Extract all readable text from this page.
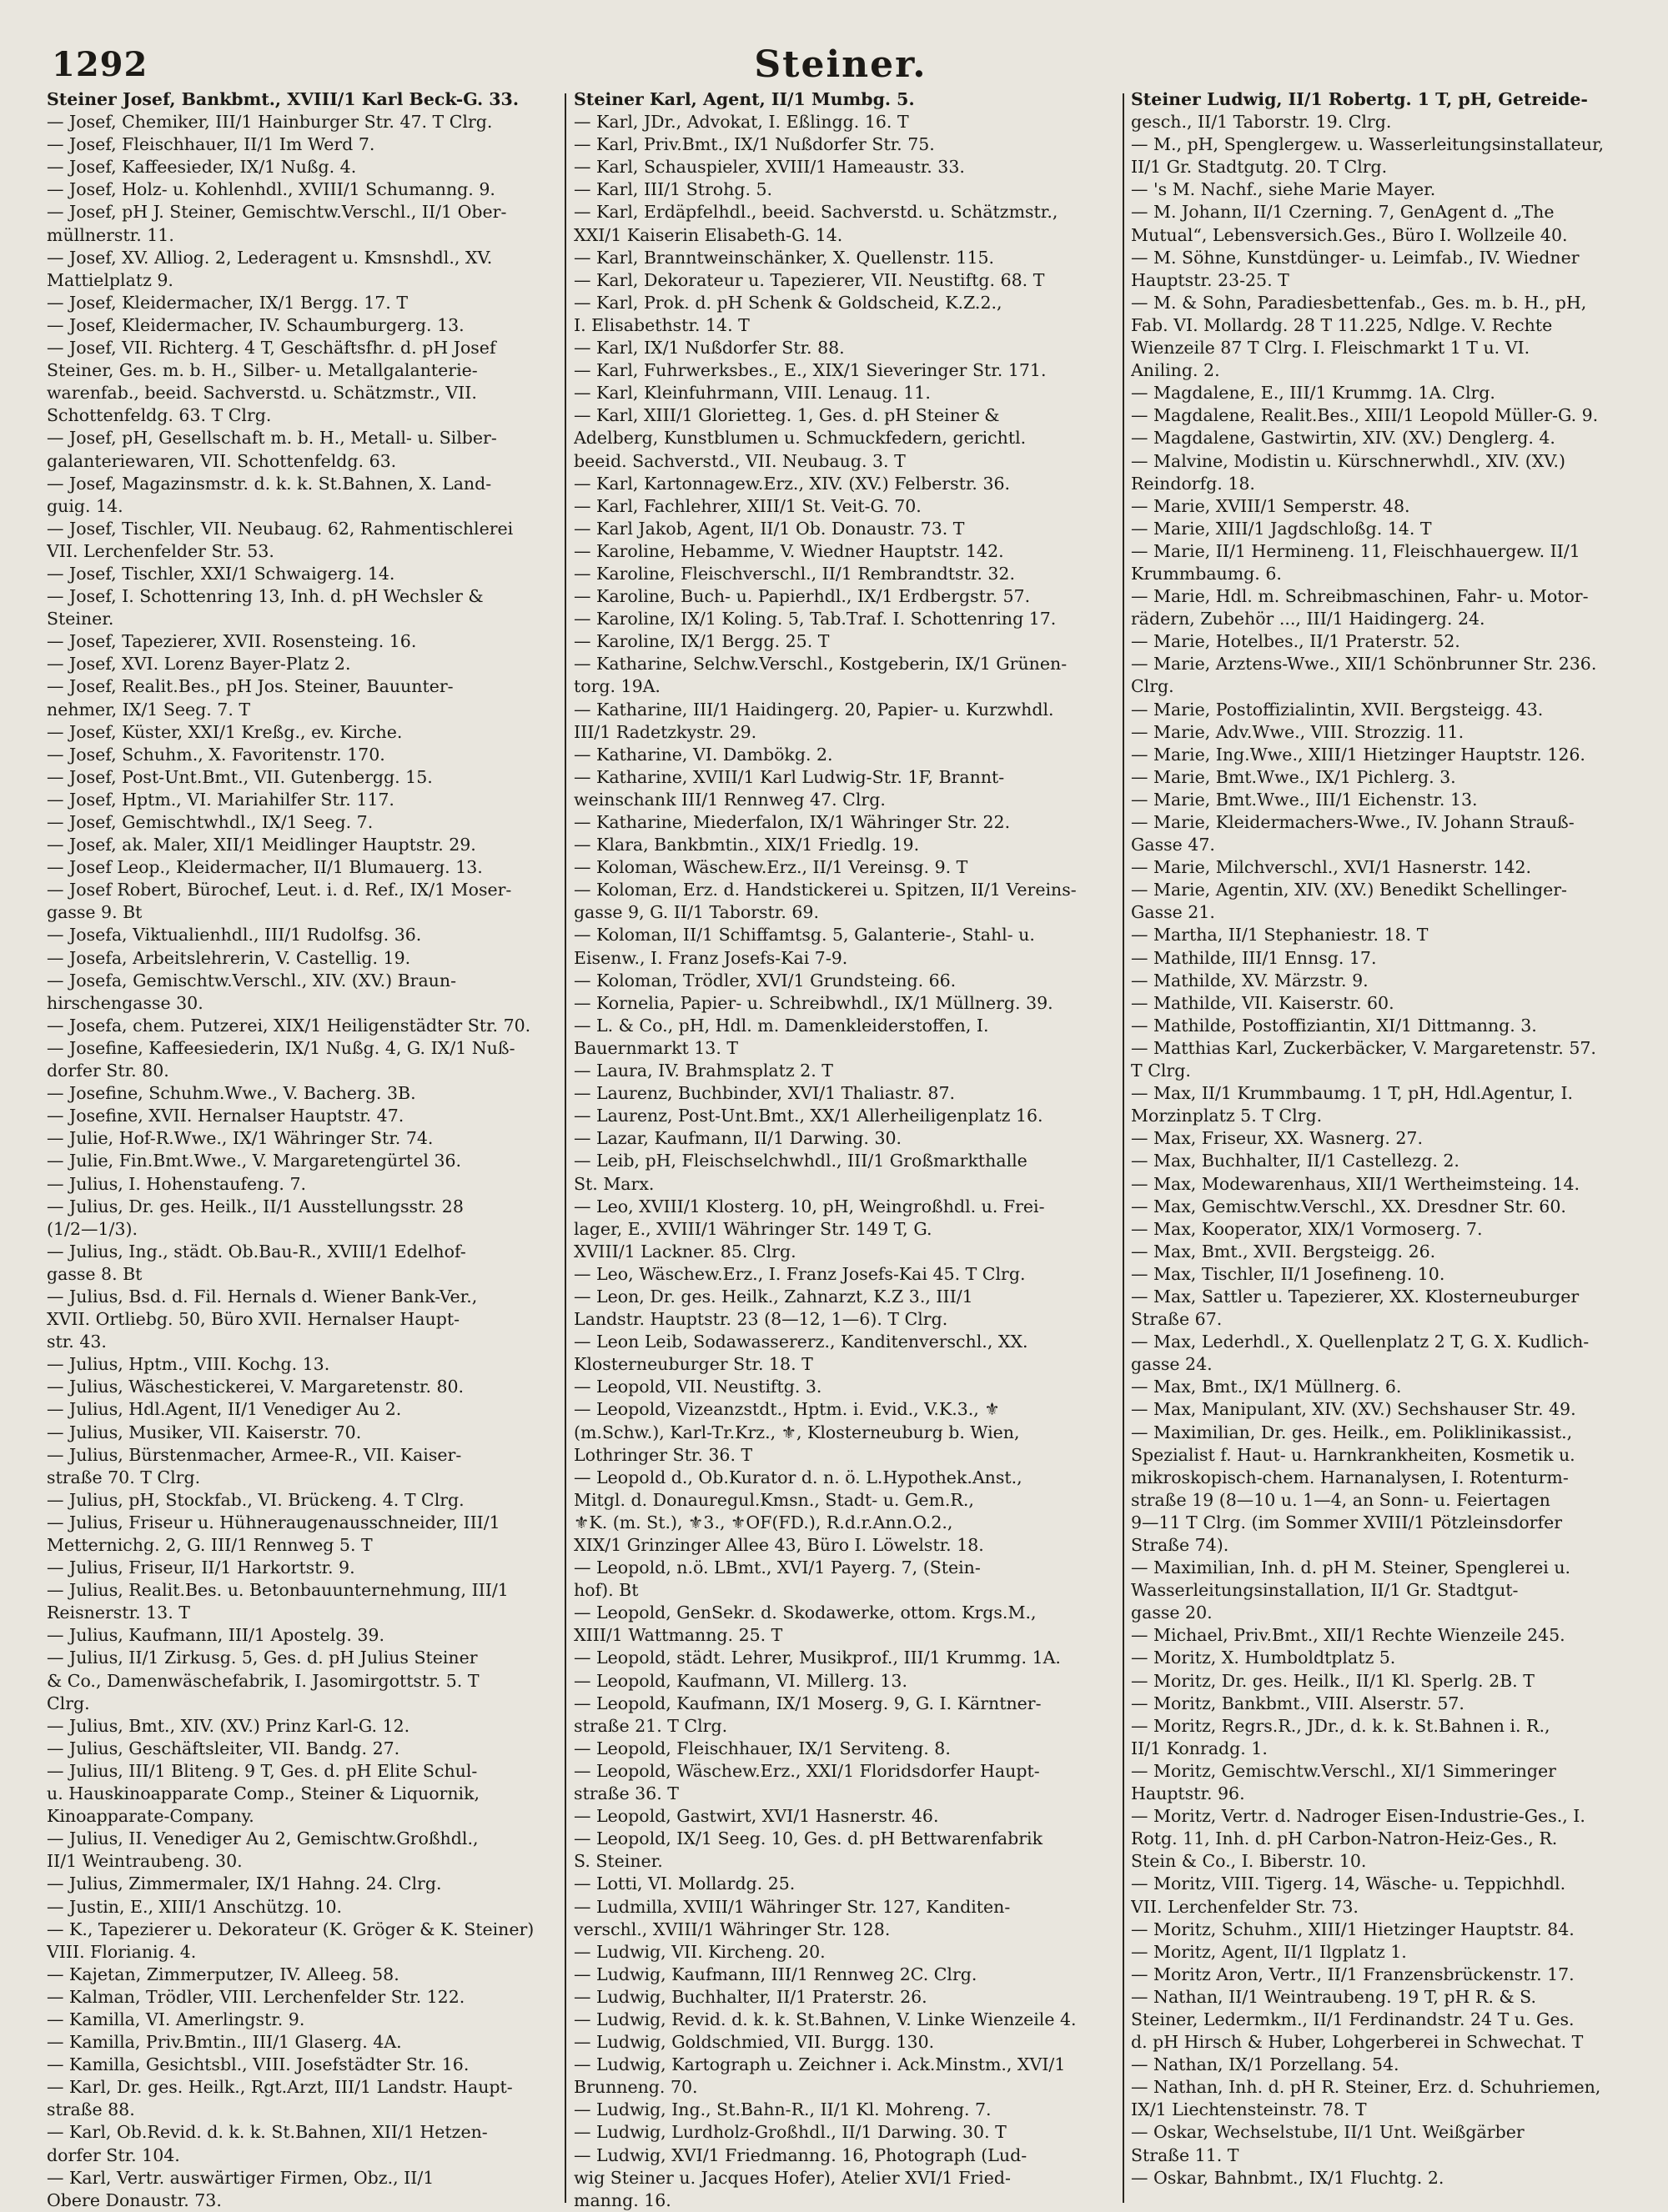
1292	Steiner.
Steiner Josef, Bankbmt., XVIII/1 Karl Beck-G. 33.
— Josef, Chemiker, III/1 Hainburger Str. 47. T Clrg.
— Josef, Fleischhauer, II/1 Im Werd 7.
— Josef, Kaffeesieder, IX/1 Nußg. 4.
— Josef, Holz- u. Kohlenhdl., XVIII/1 Schumanng. 9.
— Josef, pH J. Steiner, Gemischtw.Verschl., II/1 Ober-
müllnerstr. 11.
— Josef, XV. Alliog. 2, Lederagent u. Kmsnshdl., XV.
Mattielplatz 9.
— Josef, Kleidermacher, IX/1 Bergg. 17. T
— Josef, Kleidermacher, IV. Schaumburgerg. 13.
— Josef, VII. Richterg. 4 T, Geschäftsfhr. d. pH Josef
Steiner, Ges. m. b. H., Silber- u. Metallgalanterie-
warenfab., beeid. Sachverstd. u. Schätzmstr., VII.
Schottenfeldg. 63. T Clrg.
— Josef, pH, Gesellschaft m. b. H., Metall- u. Silber-
galanteriewaren, VII. Schottenfeldg. 63.
— Josef, Magazinsmstr. d. k. k. St.Bahnen, X. Land-
guig. 14.
— Josef, Tischler, VII. Neubaug. 62, Rahmentischlerei
VII. Lerchenfelder Str. 53.
— Josef, Tischler, XXI/1 Schwaigerg. 14.
— Josef, I. Schottenring 13, Inh. d. pH Wechsler &
Steiner.
— Josef, Tapezierer, XVII. Rosensteing. 16.
— Josef, XVI. Lorenz Bayer-Platz 2.
— Josef, Realit.Bes., pH Jos. Steiner, Bauunter-
nehmer, IX/1 Seeg. 7. T
— Josef, Küster, XXI/1 Kreßg., ev. Kirche.
— Josef, Schuhm., X. Favoritenstr. 170.
— Josef, Post-Unt.Bmt., VII. Gutenbergg. 15.
— Josef, Hptm., VI. Mariahilfer Str. 117.
— Josef, Gemischtwhdl., IX/1 Seeg. 7.
— Josef, ak. Maler, XII/1 Meidlinger Hauptstr. 29.
— Josef Leop., Kleidermacher, II/1 Blumauerg. 13.
— Josef Robert, Bürochef, Leut. i. d. Ref., IX/1 Moser-
gasse 9. Bt
— Josefa, Viktualienhdl., III/1 Rudolfsg. 36.
— Josefa, Arbeitslehrerin, V. Castellig. 19.
— Josefa, Gemischtw.Verschl., XIV. (XV.) Braun-
hirschengasse 30.
— Josefa, chem. Putzerei, XIX/1 Heiligenstädter Str. 70.
— Josefine, Kaffeesiederin, IX/1 Nußg. 4, G. IX/1 Nuß-
dorfer Str. 80.
— Josefine, Schuhm.Wwe., V. Bacherg. 3B.
— Josefine, XVII. Hernalser Hauptstr. 47.
— Julie, Hof-R.Wwe., IX/1 Währinger Str. 74.
— Julie, Fin.Bmt.Wwe., V. Margaretengürtel 36.
— Julius, I. Hohenstaufeng. 7.
— Julius, Dr. ges. Heilk., II/1 Ausstellungsstr. 28
(1/2—1/3).
— Julius, Ing., städt. Ob.Bau-R., XVIII/1 Edelhof-
gasse 8. Bt
— Julius, Bsd. d. Fil. Hernals d. Wiener Bank-Ver.,
XVII. Ortliebg. 50, Büro XVII. Hernalser Haupt-
str. 43.
— Julius, Hptm., VIII. Kochg. 13.
— Julius, Wäschestickerei, V. Margaretenstr. 80.
— Julius, Hdl.Agent, II/1 Venediger Au 2.
— Julius, Musiker, VII. Kaiserstr. 70.
— Julius, Bürstenmacher, Armee-R., VII. Kaiser-
straße 70. T Clrg.
— Julius, pH, Stockfab., VI. Brückeng. 4. T Clrg.
— Julius, Friseur u. Hühneraugenausschneider, III/1
Metternichg. 2, G. III/1 Rennweg 5. T
— Julius, Friseur, II/1 Harkortstr. 9.
— Julius, Realit.Bes. u. Betonbauunternehmung, III/1
Reisnerstr. 13. T
— Julius, Kaufmann, III/1 Apostelg. 39.
— Julius, II/1 Zirkusg. 5, Ges. d. pH Julius Steiner
& Co., Damenwäschefabrik, I. Jasomirgottstr. 5. T
Clrg.
— Julius, Bmt., XIV. (XV.) Prinz Karl-G. 12.
— Julius, Geschäftsleiter, VII. Bandg. 27.
— Julius, III/1 Bliteng. 9 T, Ges. d. pH Elite Schul-
u. Hauskinoapparate Comp., Steiner & Liquornik,
Kinoapparate-Company.
— Julius, II. Venediger Au 2, Gemischtw.Großhdl.,
II/1 Weintraubeng. 30.
— Julius, Zimmermaler, IX/1 Hahng. 24. Clrg.
— Justin, E., XIII/1 Anschützg. 10.
— K., Tapezierer u. Dekorateur (K. Gröger & K. Steiner)
VIII. Florianig. 4.
— Kajetan, Zimmerputzer, IV. Alleeg. 58.
— Kalman, Trödler, VIII. Lerchenfelder Str. 122.
— Kamilla, VI. Amerlingstr. 9.
— Kamilla, Priv.Bmtin., III/1 Glaserg. 4A.
— Kamilla, Gesichtsbl., VIII. Josefstädter Str. 16.
— Karl, Dr. ges. Heilk., Rgt.Arzt, III/1 Landstr. Haupt-
straße 88.
— Karl, Ob.Revid. d. k. k. St.Bahnen, XII/1 Hetzen-
dorfer Str. 104.
— Karl, Vertr. auswärtiger Firmen, Obz., II/1
Obere Donaustr. 73.
Steiner Karl, Agent, II/1 Mumbg. 5.
— Karl, JDr., Advokat, I. Eßlingg. 16. T
— Karl, Priv.Bmt., IX/1 Nußdorfer Str. 75.
— Karl, Schauspieler, XVIII/1 Hameaustr. 33.
— Karl, III/1 Strohg. 5.
— Karl, Erdäpfelhdl., beeid. Sachverstd. u. Schätzmstr.,
XXI/1 Kaiserin Elisabeth-G. 14.
— Karl, Branntweinschänker, X. Quellenstr. 115.
— Karl, Dekorateur u. Tapezierer, VII. Neustiftg. 68. T
— Karl, Prok. d. pH Schenk & Goldscheid, K.Z.2.,
I. Elisabethstr. 14. T
— Karl, IX/1 Nußdorfer Str. 88.
— Karl, Fuhrwerksbes., E., XIX/1 Sieveringer Str. 171.
— Karl, Kleinfuhrmann, VIII. Lenaug. 11.
— Karl, XIII/1 Gloriettеg. 1, Ges. d. pH Steiner &
Adelberg, Kunstblumen u. Schmuckfedern, gerichtl.
beeid. Sachverstd., VII. Neubaug. 3. T
— Karl, Kartonnagew.Erz., XIV. (XV.) Felberstr. 36.
— Karl, Fachlehrer, XIII/1 St. Veit-G. 70.
— Karl Jakob, Agent, II/1 Ob. Donaustr. 73. T
— Karoline, Hebamme, V. Wiedner Hauptstr. 142.
— Karoline, Fleischverschl., II/1 Rembrandtstr. 32.
— Karoline, Buch- u. Papierhdl., IX/1 Erdbergstr. 57.
— Karoline, IX/1 Koling. 5, Tab.Traf. I. Schottenring 17.
— Karoline, IX/1 Bergg. 25. T
— Katharine, Selchw.Verschl., Kostgeberin, IX/1 Grünen-
torg. 19A.
— Katharine, III/1 Haidingerg. 20, Papier- u. Kurzwhdl.
III/1 Radetzkystr. 29.
— Katharine, VI. Dambökg. 2.
— Katharine, XVIII/1 Karl Ludwig-Str. 1F, Brannt-
weinschank III/1 Rennweg 47. Clrg.
— Katharine, Miederfalon, IX/1 Währinger Str. 22.
— Klara, Bankbmtin., XIX/1 Friedlg. 19.
— Koloman, Wäschew.Erz., II/1 Vereinsg. 9. T
— Koloman, Erz. d. Handstickerei u. Spitzen, II/1 Vereins-
gasse 9, G. II/1 Taborstr. 69.
— Koloman, II/1 Schiffamtsg. 5, Galanterie-, Stahl- u.
Eisenw., I. Franz Josefs-Kai 7-9.
— Koloman, Trödler, XVI/1 Grundsteing. 66.
— Kornelia, Papier- u. Schreibwhdl., IX/1 Müllnerg. 39.
— L. & Co., pH, Hdl. m. Damenkleiderstoffen, I.
Bauernmarkt 13. T
— Laura, IV. Brahmsplatz 2. T
— Laurenz, Buchbinder, XVI/1 Thaliastr. 87.
— Laurenz, Post-Unt.Bmt., XX/1 Allerheiligenplatz 16.
— Lazar, Kaufmann, II/1 Darwing. 30.
— Leib, pH, Fleischselchwhdl., III/1 Großmarkthalle
St. Marx.
— Leo, XVIII/1 Klosterg. 10, pH, Weingroßhdl. u. Frei-
lager, E., XVIII/1 Währinger Str. 149 T, G.
XVIII/1 Lackner. 85. Clrg.
— Leo, Wäschew.Erz., I. Franz Josefs-Kai 45. T Clrg.
— Leon, Dr. ges. Heilk., Zahnarzt, K.Z 3., III/1
Landstr. Hauptstr. 23 (8—12, 1—6). T Clrg.
— Leon Leib, Sodawassererz., Kanditenverschl., XX.
Klosterneuburger Str. 18. T
— Leopold, VII. Neustiftg. 3.
— Leopold, Vizeanzstdt., Hptm. i. Evid., V.K.3., ⚜
(m.Schw.), Karl-Tr.Krz., ⚜, Klosterneuburg b. Wien,
Lothringer Str. 36. T
— Leopold d., Ob.Kurator d. n. ö. L.Hypothek.Anst.,
Mitgl. d. Donauregul.Kmsn., Stadt- u. Gem.R.,
⚜K. (m. St.), ⚜3., ⚜OF(FD.), R.d.r.Ann.O.2.,
XIX/1 Grinzinger Allee 43, Büro I. Löwelstr. 18.
— Leopold, n.ö. LBmt., XVI/1 Payerg. 7, (Stein-
hof). Bt
— Leopold, GenSekr. d. Skodawerke, ottom. Krgs.M.,
XIII/1 Wattmanng. 25. T
— Leopold, städt. Lehrer, Musikprof., III/1 Krummg. 1A.
— Leopold, Kaufmann, VI. Millerg. 13.
— Leopold, Kaufmann, IX/1 Moserg. 9, G. I. Kärntner-
straße 21. T Clrg.
— Leopold, Fleischhauer, IX/1 Serviteng. 8.
— Leopold, Wäschew.Erz., XXI/1 Floridsdorfer Haupt-
straße 36. T
— Leopold, Gastwirt, XVI/1 Hasnerstr. 46.
— Leopold, IX/1 Seeg. 10, Ges. d. pH Bettwarenfabrik
S. Steiner.
— Lotti, VI. Mollardg. 25.
— Ludmilla, XVIII/1 Währinger Str. 127, Kanditen-
verschl., XVIII/1 Währinger Str. 128.
— Ludwig, VII. Kircheng. 20.
— Ludwig, Kaufmann, III/1 Rennweg 2C. Clrg.
— Ludwig, Buchhalter, II/1 Praterstr. 26.
— Ludwig, Revid. d. k. k. St.Bahnen, V. Linke Wienzeile 4.
— Ludwig, Goldschmied, VII. Burgg. 130.
— Ludwig, Kartograph u. Zeichner i. Ack.Minstm., XVI/1
Brunneng. 70.
— Ludwig, Ing., St.Bahn-R., II/1 Kl. Mohreng. 7.
— Ludwig, Lurdholz-Großhdl., II/1 Darwing. 30. T
— Ludwig, XVI/1 Friedmanng. 16, Photograph (Lud-
wig Steiner u. Jacques Hofer), Atelier XVI/1 Fried-
manng. 16.
Steiner Ludwig, II/1 Robertg. 1 T, pH, Getreide-
gesch., II/1 Taborstr. 19. Clrg.
— M., pH, Spenglergew. u. Wasserleitungsinstallateur,
II/1 Gr. Stadtgutg. 20. T Clrg.
— 's M. Nachf., siehe Marie Mayer.
— M. Johann, II/1 Czerning. 7, GenAgent d. „The
Mutual“, Lebensversich.Ges., Büro I. Wollzeile 40.
— M. Söhne, Kunstdünger- u. Leimfab., IV. Wiedner
Hauptstr. 23-25. T
— M. & Sohn, Paradiesbettenfab., Ges. m. b. H., pH,
Fab. VI. Mollardg. 28 T 11.225, Ndlge. V. Rechte
Wienzeile 87 T Clrg. I. Fleischmarkt 1 T u. VI.
Aniling. 2.
— Magdalene, E., III/1 Krummg. 1A. Clrg.
— Magdalene, Realit.Bes., XIII/1 Leopold Müller-G. 9.
— Magdalene, Gastwirtin, XIV. (XV.) Denglerg. 4.
— Malvine, Modistin u. Kürschnerwhdl., XIV. (XV.)
Reindorfg. 18.
— Marie, XVIII/1 Semperstr. 48.
— Marie, XIII/1 Jagdschloßg. 14. T
— Marie, II/1 Hermineng. 11, Fleischhauergew. II/1
Krummbaumg. 6.
— Marie, Hdl. m. Schreibmaschinen, Fahr- u. Motor-
rädern, Zubehör ..., III/1 Haidingerg. 24.
— Marie, Hotelbes., II/1 Praterstr. 52.
— Marie, Arztens-Wwe., XII/1 Schönbrunner Str. 236.
Clrg.
— Marie, Postoffizialintin, XVII. Bergsteigg. 43.
— Marie, Adv.Wwe., VIII. Strozzig. 11.
— Marie, Ing.Wwe., XIII/1 Hietzinger Hauptstr. 126.
— Marie, Bmt.Wwe., IX/1 Pichlerg. 3.
— Marie, Bmt.Wwe., III/1 Eichenstr. 13.
— Marie, Kleidermachers-Wwe., IV. Johann Strauß-
Gasse 47.
— Marie, Milchverschl., XVI/1 Hasnerstr. 142.
— Marie, Agentin, XIV. (XV.) Benedikt Schellinger-
Gasse 21.
— Martha, II/1 Stephaniestr. 18. T
— Mathilde, III/1 Ennsg. 17.
— Mathilde, XV. Märzstr. 9.
— Mathilde, VII. Kaiserstr. 60.
— Mathilde, Postoffiziantin, XI/1 Dittmanng. 3.
— Matthias Karl, Zuckerbäcker, V. Margaretenstr. 57.
T Clrg.
— Max, II/1 Krummbaumg. 1 T, pH, Hdl.Agentur, I.
Morzinplatz 5. T Clrg.
— Max, Friseur, XX. Wasnerg. 27.
— Max, Buchhalter, II/1 Castellezg. 2.
— Max, Modewarenhaus, XII/1 Wertheimsteing. 14.
— Max, Gemischtw.Verschl., XX. Dresdner Str. 60.
— Max, Kooperator, XIX/1 Vormoserg. 7.
— Max, Bmt., XVII. Bergsteigg. 26.
— Max, Tischler, II/1 Josefineng. 10.
— Max, Sattler u. Tapezierer, XX. Klosterneuburger
Straße 67.
— Max, Lederhdl., X. Quellenplatz 2 T, G. X. Kudlich-
gasse 24.
— Max, Bmt., IX/1 Müllnerg. 6.
— Max, Manipulant, XIV. (XV.) Sechshauser Str. 49.
— Maximilian, Dr. ges. Heilk., em. Poliklinikassist.,
Spezialist f. Haut- u. Harnkrankheiten, Kosmetik u.
mikroskopisch-chem. Harnanalysen, I. Rotenturm-
straße 19 (8—10 u. 1—4, an Sonn- u. Feiertagen
9—11 T Clrg. (im Sommer XVIII/1 Pötzleinsdorfer
Straße 74).
— Maximilian, Inh. d. pH M. Steiner, Spenglerei u.
Wasserleitungsinstallation, II/1 Gr. Stadtgut-
gasse 20.
— Michael, Priv.Bmt., XII/1 Rechte Wienzeile 245.
— Moritz, X. Humboldtplatz 5.
— Moritz, Dr. ges. Heilk., II/1 Kl. Sperlg. 2B. T
— Moritz, Bankbmt., VIII. Alserstr. 57.
— Moritz, Regrs.R., JDr., d. k. k. St.Bahnen i. R.,
II/1 Konradg. 1.
— Moritz, Gemischtw.Verschl., XI/1 Simmeringer
Hauptstr. 96.
— Moritz, Vertr. d. Nadroger Eisen-Industrie-Ges., I.
Rotg. 11, Inh. d. pH Carbon-Natron-Heiz-Ges., R.
Stein & Co., I. Biberstr. 10.
— Moritz, VIII. Tigerg. 14, Wäsche- u. Teppichhdl.
VII. Lerchenfelder Str. 73.
— Moritz, Schuhm., XIII/1 Hietzinger Hauptstr. 84.
— Moritz, Agent, II/1 Ilgplatz 1.
— Moritz Aron, Vertr., II/1 Franzensbrückenstr. 17.
— Nathan, II/1 Weintraubeng. 19 T, pH R. & S.
Steiner, Ledermkm., II/1 Ferdinandstr. 24 T u. Ges.
d. pH Hirsch & Huber, Lohgerberei in Schwechat. T
— Nathan, IX/1 Porzellang. 54.
— Nathan, Inh. d. pH R. Steiner, Erz. d. Schuhriemen,
IX/1 Liechtensteinstr. 78. T
— Oskar, Wechselstube, II/1 Unt. Weißgärber
Straße 11. T
— Oskar, Bahnbmt., IX/1 Fluchtg. 2.
